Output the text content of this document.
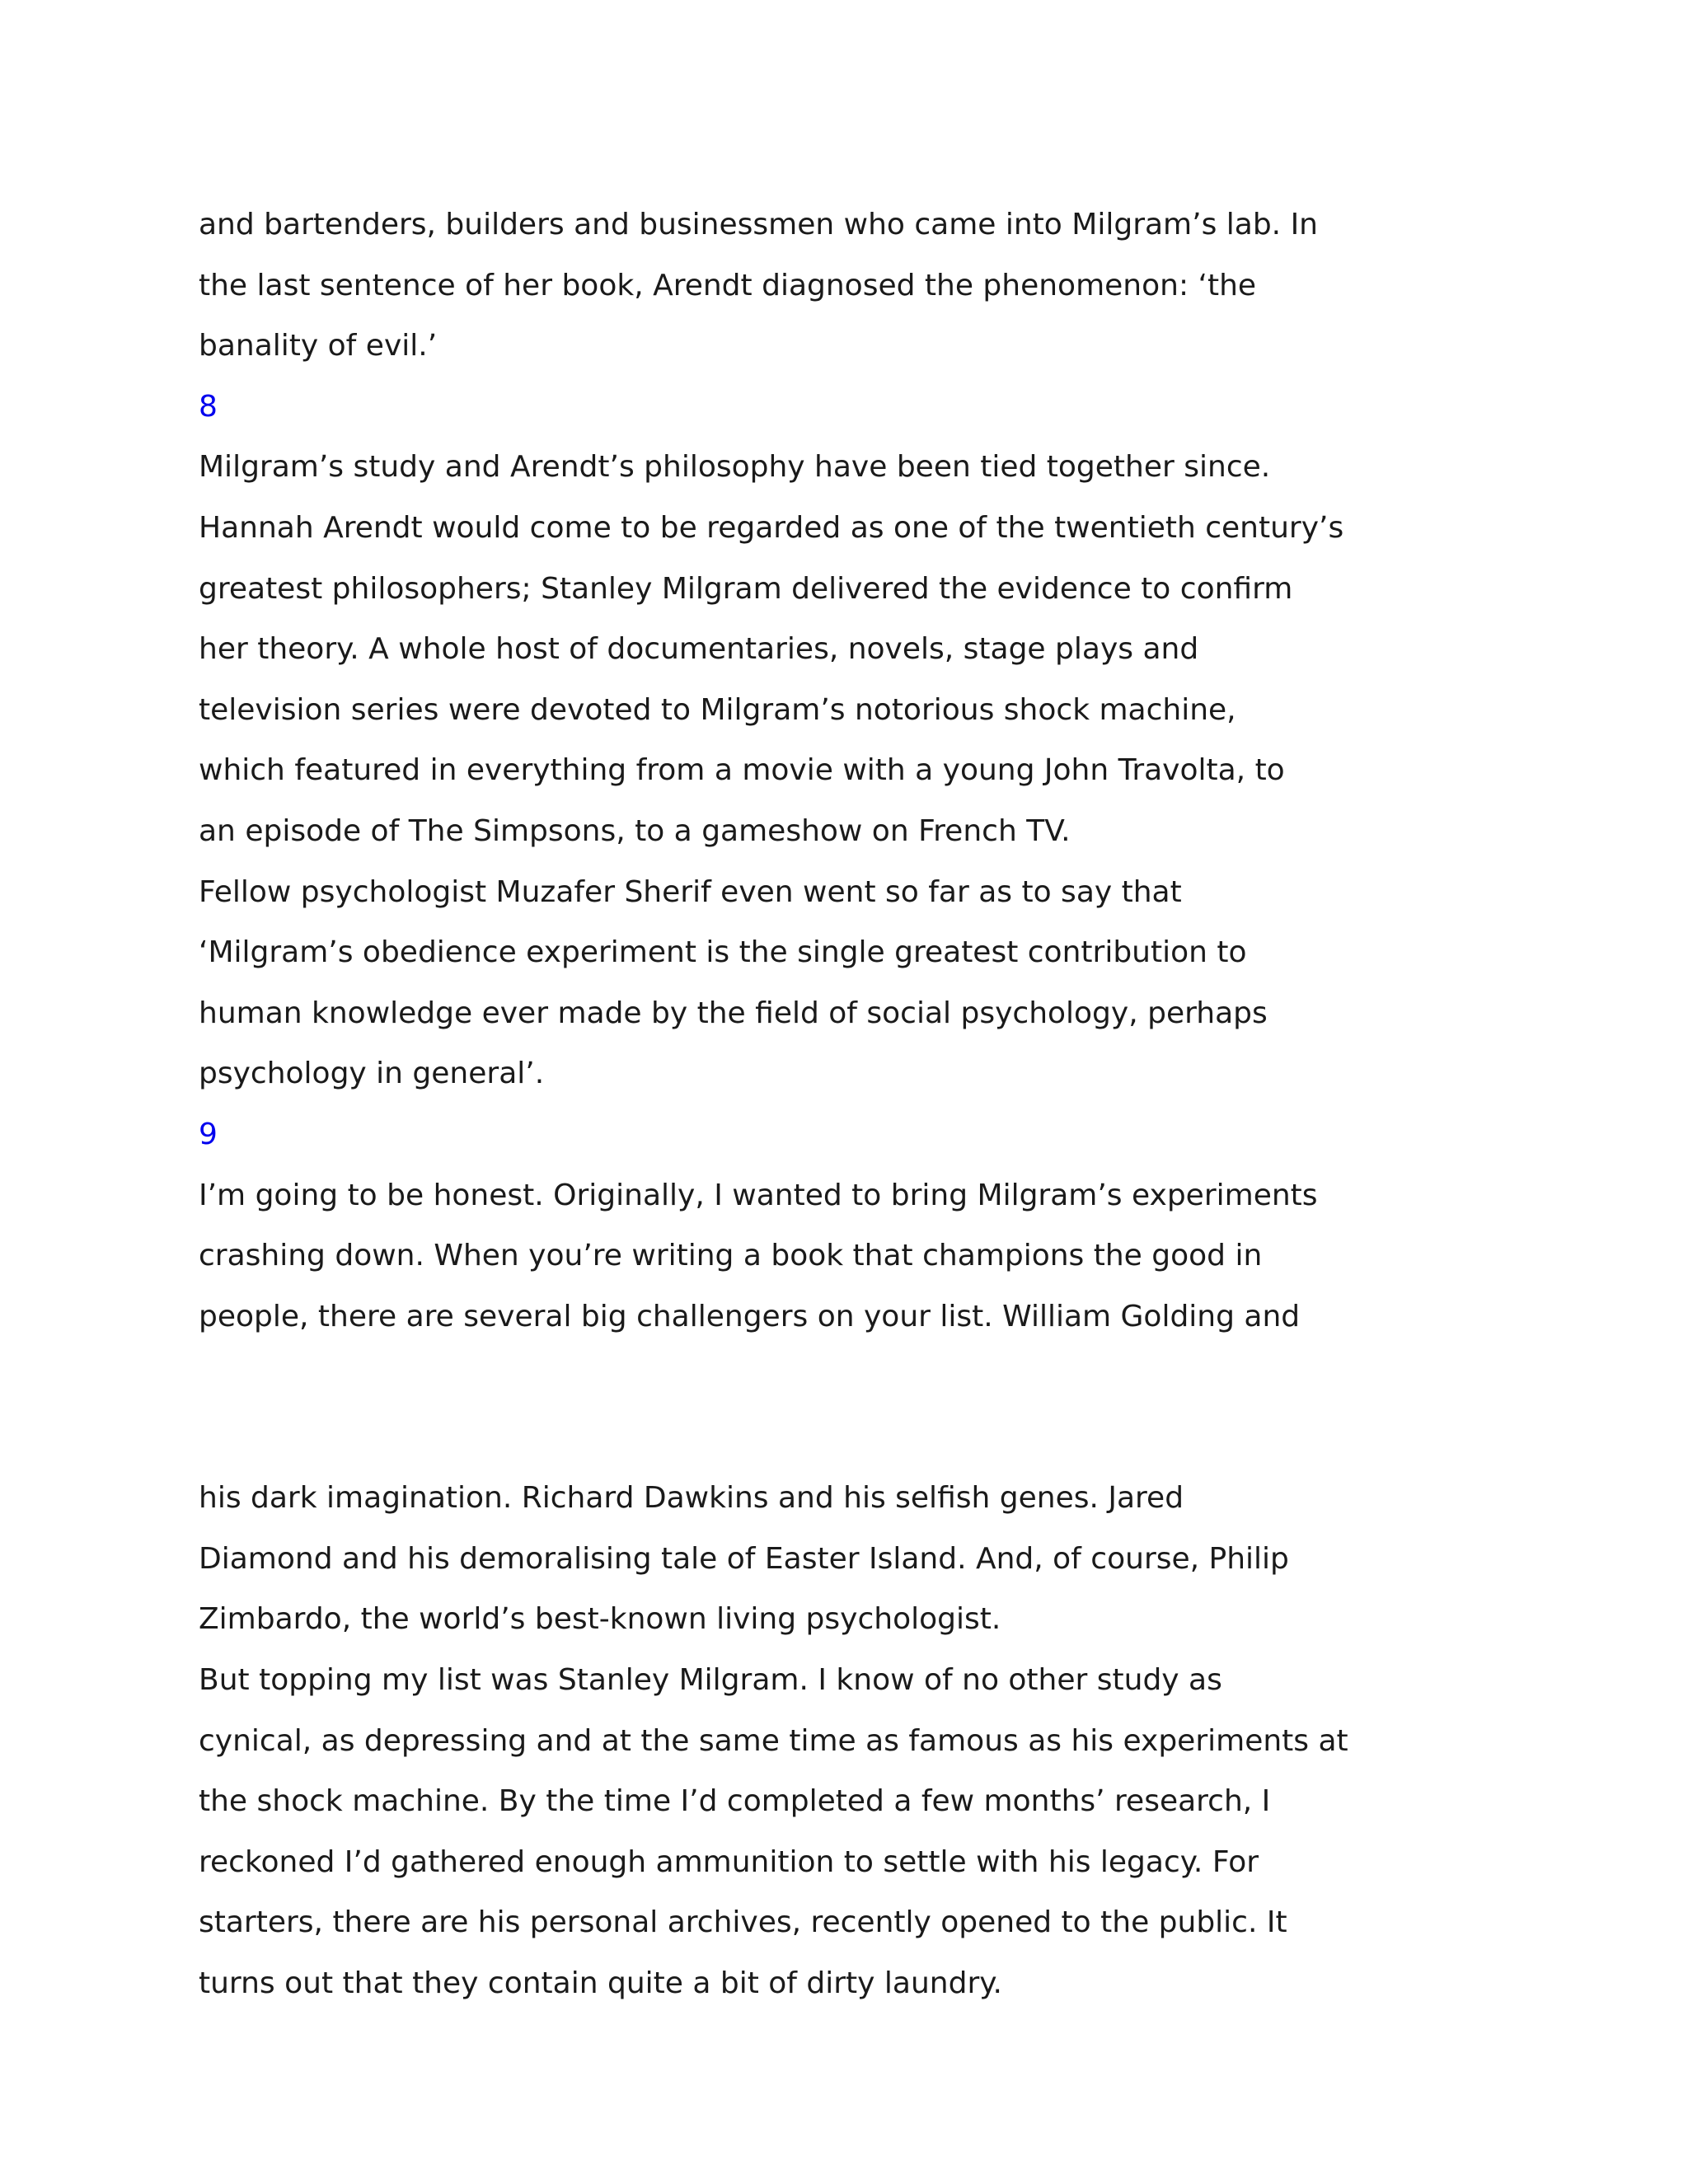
and bartenders, builders and businessmen who came into Milgram’s lab. In
the last sentence of her book, Arendt diagnosed the phenomenon: ‘the
banality of evil.’

8

Milgram’s study and Arendt’s philosophy have been tied together since.
Hannah Arendt would come to be regarded as one of the twentieth century’s
greatest philosophers; Stanley Milgram delivered the evidence to confirm
her theory. A whole host of documentaries, novels, stage plays and
television series were devoted to Milgram’s notorious shock machine,
which featured in everything from a movie with a young John Travolta, to
an episode of The Simpsons, to a gameshow on French TV.

Fellow psychologist Muzafer Sherif even went so far as to say that
‘Milgram’s obedience experiment is the single greatest contribution to
human knowledge ever made by the field of social psychology, perhaps
psychology in general’.

9

I’m going to be honest. Originally, I wanted to bring Milgram’s experiments
crashing down. When you’re writing a book that champions the good in
people, there are several big challengers on your list. William Golding and

his dark imagination. Richard Dawkins and his selfish genes. Jared
Diamond and his demoralising tale of Easter Island. And, of course, Philip
Zimbardo, the world’s best-known living psychologist.

But topping my list was Stanley Milgram. I know of no other study as
cynical, as depressing and at the same time as famous as his experiments at
the shock machine. By the time I’d completed a few months’ research, I
reckoned I’d gathered enough ammunition to settle with his legacy. For
starters, there are his personal archives, recently opened to the public. It
turns out that they contain quite a bit of dirty laundry.
